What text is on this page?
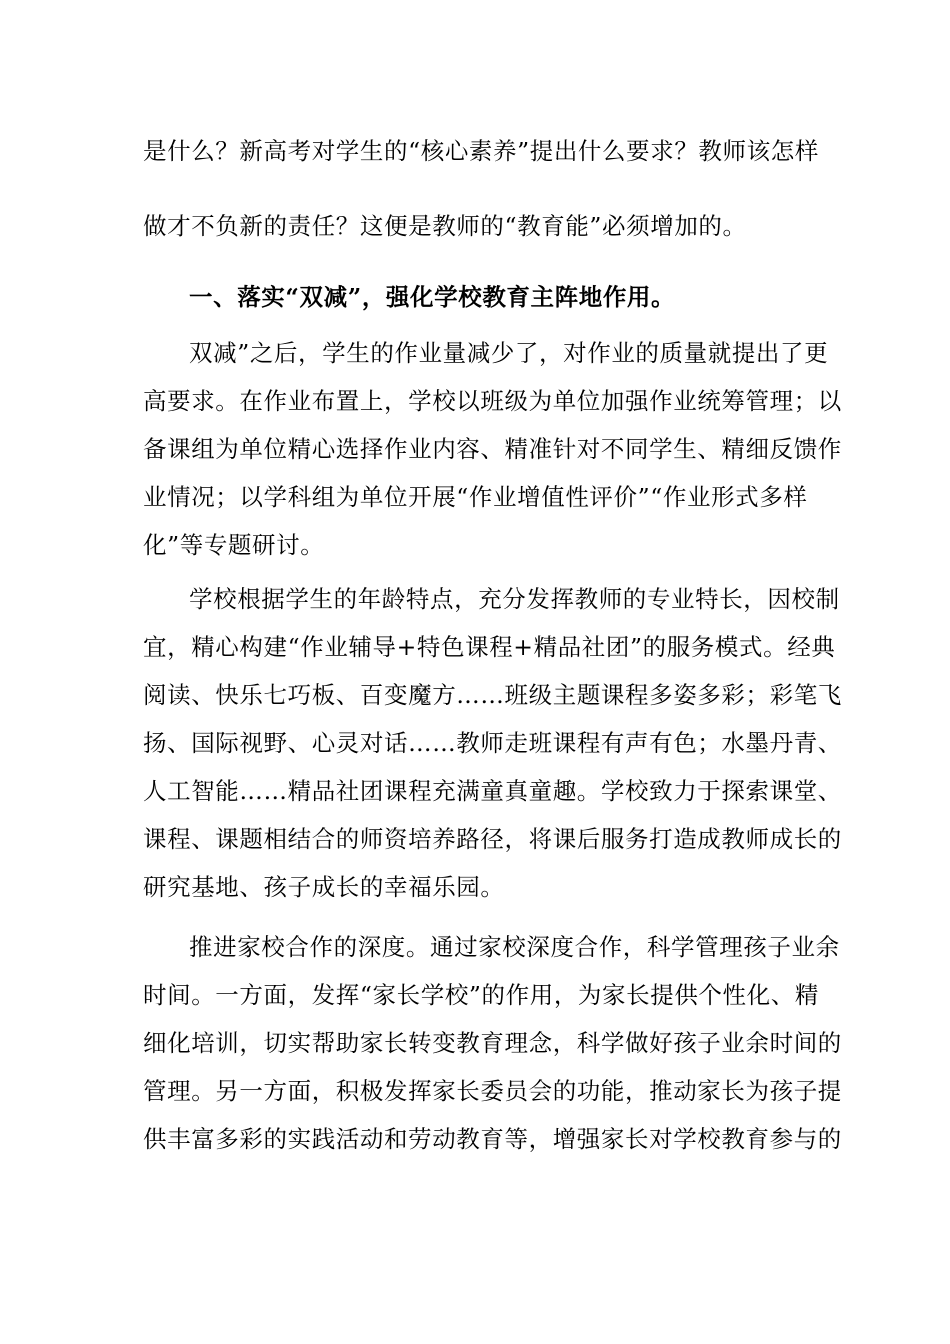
是什么？新高考对学生的“核心素养”提出什么要求？教师该怎样
做才不负新的责任？这便是教师的“教育能”必须增加的。
一、落实“双减”，强化学校教育主阵地作用。
双减”之后，学生的作业量减少了，对作业的质量就提出了更
高要求。在作业布置上，学校以班级为单位加强作业统筹管理；以
备课组为单位精心选择作业内容、精准针对不同学生、精细反馈作
业情况；以学科组为单位开展“作业增值性评价”“作业形式多样
化”等专题研讨。
学校根据学生的年龄特点，充分发挥教师的专业特长，因校制
宜，精心构建“作业辅导+特色课程+精品社团”的服务模式。经典
阅读、快乐七巧板、百变魔方……班级主题课程多姿多彩；彩笔飞
扬、国际视野、心灵对话……教师走班课程有声有色；水墨丹青、
人工智能……精品社团课程充满童真童趣。学校致力于探索课堂、
课程、课题相结合的师资培养路径，将课后服务打造成教师成长的
研究基地、孩子成长的幸福乐园。
推进家校合作的深度。通过家校深度合作，科学管理孩子业余
时间。一方面，发挥“家长学校”的作用，为家长提供个性化、精
细化培训，切实帮助家长转变教育理念，科学做好孩子业余时间的
管理。另一方面，积极发挥家长委员会的功能，推动家长为孩子提
供丰富多彩的实践活动和劳动教育等，增强家长对学校教育参与的
